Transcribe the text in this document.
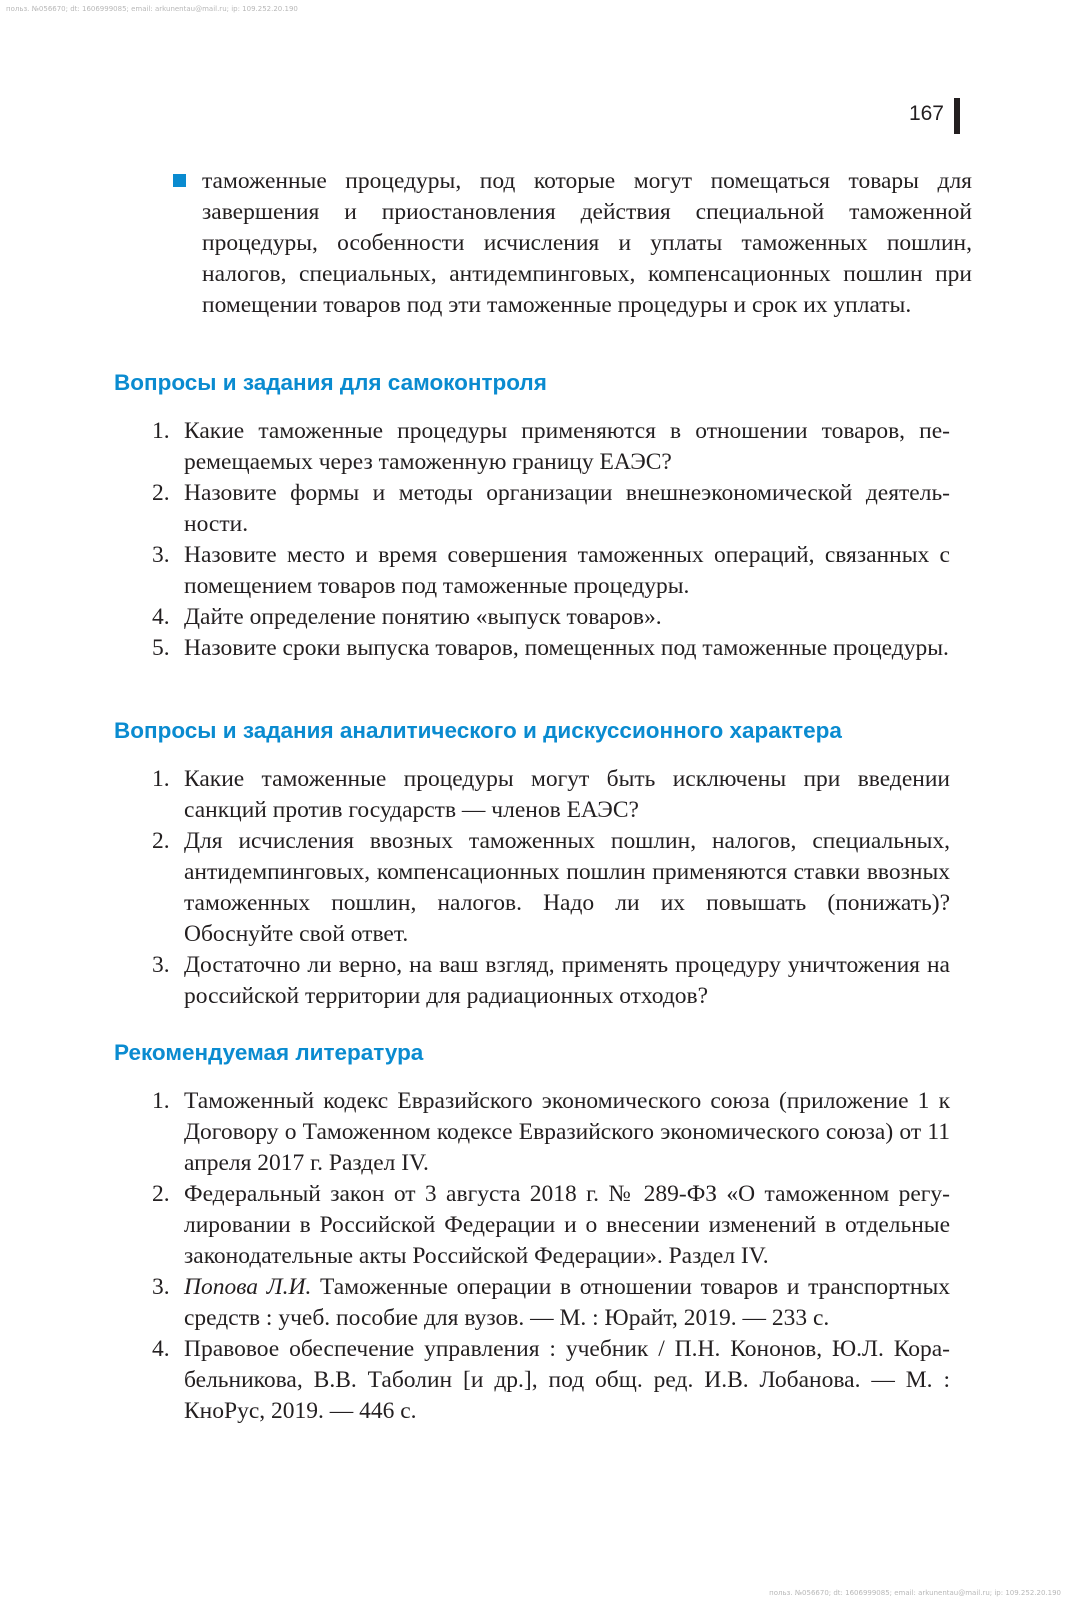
польз. №056670; dt: 1606999085; email: arkunentau@mail.ru; ip: 109.252.20.190
167
таможенные процедуры, под которые могут помещаться товары для завершения и приостановления действия специальной таможенной процедуры, особенности исчисления и уплаты таможенных пошлин, налогов, специальных, антидемпинговых, компенсационных пошлин при помещении товаров под эти таможенные процедуры и срок их уплаты.
Вопросы и задания для самоконтроля
1. Какие таможенные процедуры применяются в отношении товаров, перемещаемых через таможенную границу ЕАЭС?
2. Назовите формы и методы организации внешнеэкономической деятельности.
3. Назовите место и время совершения таможенных операций, связанных с помещением товаров под таможенные процедуры.
4. Дайте определение понятию «выпуск товаров».
5. Назовите сроки выпуска товаров, помещенных под таможенные процедуры.
Вопросы и задания аналитического и дискуссионного характера
1. Какие таможенные процедуры могут быть исключены при введении санкций против государств — членов ЕАЭС?
2. Для исчисления ввозных таможенных пошлин, налогов, специальных, антидемпинговых, компенсационных пошлин применяются ставки ввозных таможенных пошлин, налогов. Надо ли их повышать (понижать)? Обоснуйте свой ответ.
3. Достаточно ли верно, на ваш взгляд, применять процедуру уничтожения на российской территории для радиационных отходов?
Рекомендуемая литература
1. Таможенный кодекс Евразийского экономического союза (приложение 1 к Договору о Таможенном кодексе Евразийского экономического союза) от 11 апреля 2017 г. Раздел IV.
2. Федеральный закон от 3 августа 2018 г. № 289-ФЗ «О таможенном регулировании в Российской Федерации и о внесении изменений в отдельные законодательные акты Российской Федерации». Раздел IV.
3. Попова Л.И. Таможенные операции в отношении товаров и транспортных средств : учеб. пособие для вузов. — М. : Юрайт, 2019. — 233 с.
4. Правовое обеспечение управления : учебник / П.Н. Кононов, Ю.Л. Корабельникова, В.В. Таболин [и др.], под общ. ред. И.В. Лобанова. — М. : КноРус, 2019. — 446 с.
польз. №056670; dt: 1606999085; email: arkunentau@mail.ru; ip: 109.252.20.190
